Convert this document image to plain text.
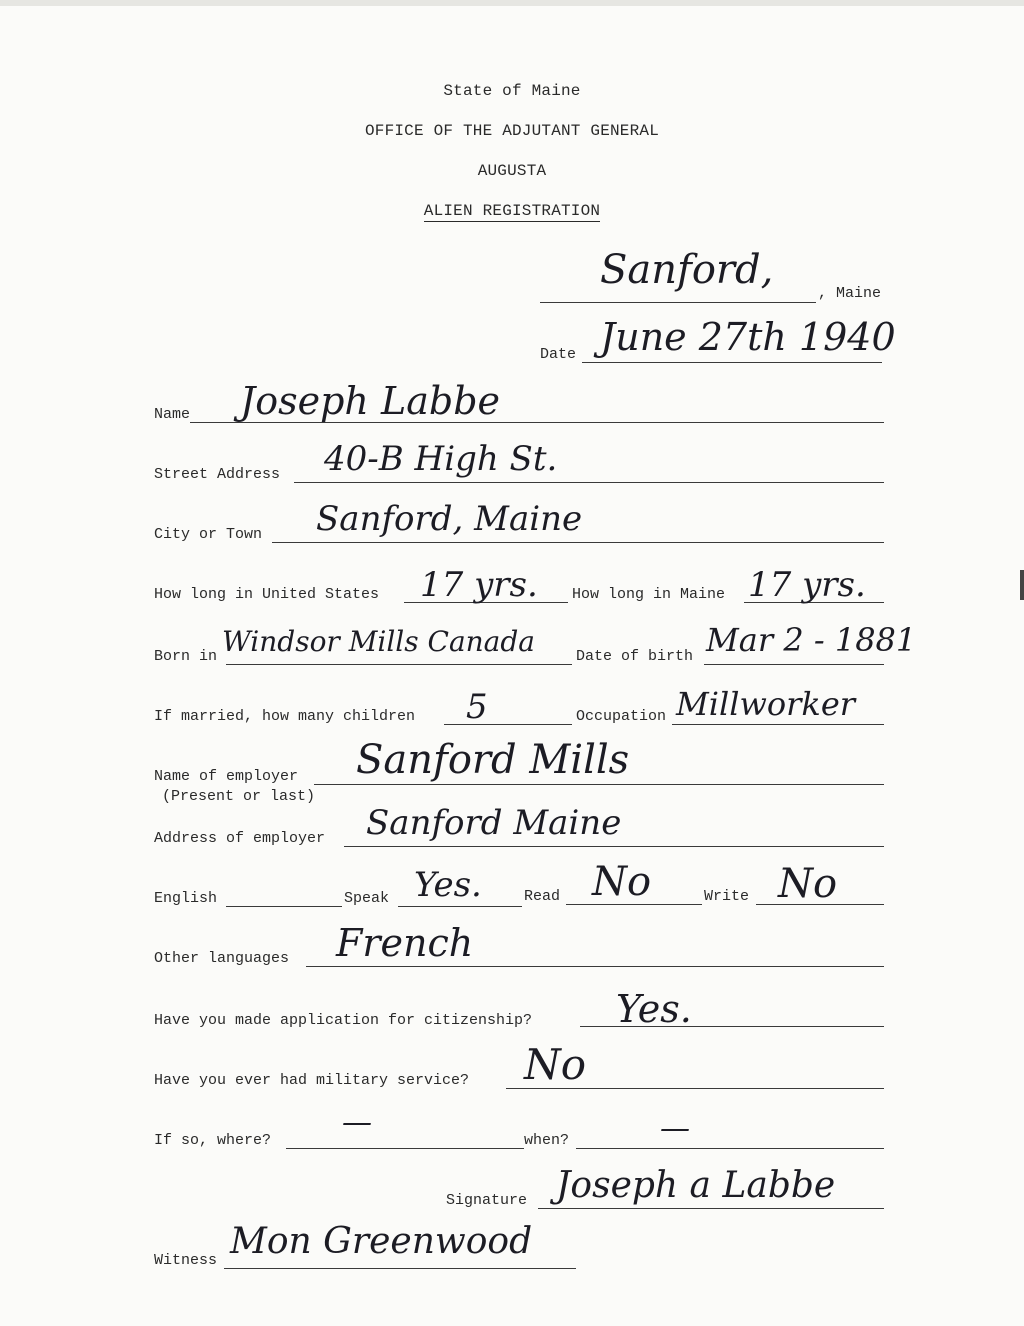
State of Maine
OFFICE OF THE ADJUTANT GENERAL
AUGUSTA
ALIEN REGISTRATION
Sanford,
, Maine
Date June 27th 1940
Name Joseph Labbe
Street Address 40-B High St.
City or Town Sanford, Maine
How long in United States 17 yrs. How long in Maine 17 yrs.
Born in Windsor Mills Canada	Date of birth Mar 2 - 1881
If married, how many children 5	Occupation Millworker
Name of employer
(Present or last)
Sanford Mills
Address of employer Sanford Maine
English	Speak Yes.	Read No	Write No
Other languages French
Have you made application for citizenship? Yes.
Have you ever had military service? No
If so, where?
—
when?	—
Signature Joseph a Labbe
Witness Mon Greenwood
